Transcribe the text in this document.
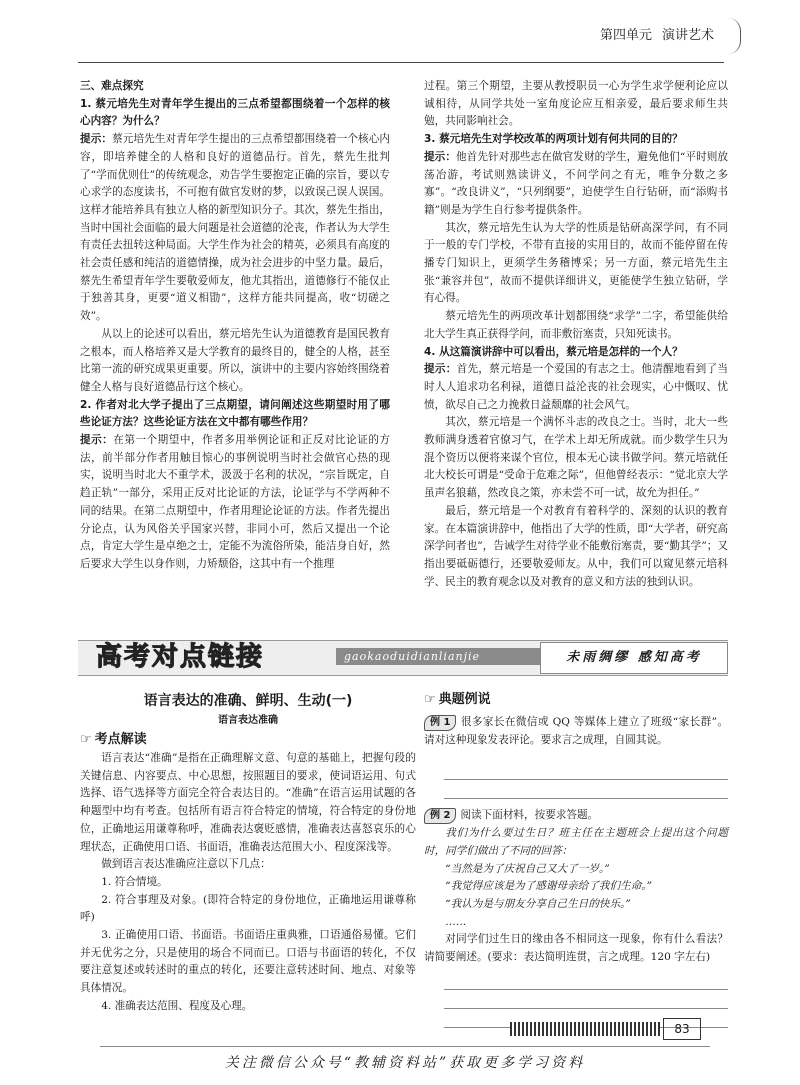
第四单元 演讲艺术

三、难点探究

1. 蔡元培先生对青年学生提出的三点希望都围绕着一个怎样的核心内容？为什么？

提示：蔡元培先生对青年学生提出的三点希望都围绕着一个核心内容，即培养健全的人格和良好的道德品行。首先，蔡先生批判了“学而优则仕”的传统观念，劝告学生要抱定正确的宗旨，要以专心求学的态度读书，不可抱有做官发财的梦，以致误己误人误国。这样才能培养具有独立人格的新型知识分子。其次，蔡先生指出，当时中国社会面临的最大问题是社会道德的沦丧，作者认为大学生有责任去扭转这种局面。大学生作为社会的精英，必须具有高度的社会责任感和纯洁的道德情操，成为社会进步的中坚力量。最后，蔡先生希望青年学生要敬爱师友，他尤其指出，道德修行不能仅止于独善其身，更要“道义相勖”，这样方能共同提高，收“切磋之效”。

从以上的论述可以看出，蔡元培先生认为道德教育是国民教育之根本，而人格培养又是大学教育的最终目的，健全的人格，甚至比第一流的研究成果更重要。所以，演讲中的主要内容始终围绕着健全人格与良好道德品行这个核心。

2. 作者对北大学子提出了三点期望，请问阐述这些期望时用了哪些论证方法？这些论证方法在文中都有哪些作用？

提示：在第一个期望中，作者多用举例论证和正反对比论证的方法，前半部分作者用触目惊心的事例说明当时社会做官心热的现实，说明当时北大不重学术，汲汲于名利的状况，“宗旨既定，自趋正轨”一部分，采用正反对比论证的方法，论证学与不学两种不同的结果。在第二点期望中，作者用理论论证的方法。作者先提出分论点，认为风俗关乎国家兴替，非同小可，然后又提出一个论点，肯定大学生是卓绝之士，定能不为流俗所染，能洁身自好，然后要求大学生以身作则，力矫颓俗，这其中有一个推理

过程。第三个期望，主要从教授职员一心为学生求学便利论应以诚相待，从同学共处一室角度论应互相亲爱，最后要求师生共勉，共同影响社会。

3. 蔡元培先生对学校改革的两项计划有何共同的目的？

提示：他首先针对那些志在做官发财的学生，避免他们“平时则放荡冶游，考试则熟读讲义，不问学问之有无，唯争分数之多寡”。“改良讲义”，“只列纲要”，迫使学生自行钻研，而“添购书籍”则是为学生自行参考提供条件。

其次，蔡元培先生认为大学的性质是钻研高深学问，有不同于一般的专门学校，不带有直接的实用目的，故而不能停留在传播专门知识上，更须学生务稽博采；另一方面，蔡元培先生主张“兼容并包”，故而不提供详细讲义，更能使学生独立钻研，学有心得。

蔡元培先生的两项改革计划都围绕“求学”二字，希望能供给北大学生真正获得学问，而非敷衍塞责，只知死读书。

4. 从这篇演讲辞中可以看出，蔡元培是怎样的一个人？

提示：首先，蔡元培是一个爱国的有志之士。他清醒地看到了当时人人追求功名利禄，道德日益沦丧的社会现实，心中慨叹、忧愤，欲尽自己之力挽救日益颓靡的社会风气。

其次，蔡元培是一个满怀斗志的改良之士。当时，北大一些教师满身透着官僚习气，在学术上却无所成就。而少数学生只为混个资历以便将来谋个官位，根本无心读书做学问。蔡元培就任北大校长可谓是“受命于危难之际”，但他曾经表示：“觉北京大学虽声名狼藉，然改良之策，亦未尝不可一试，故允为担任。”

最后，蔡元培是一个对教育有着科学的、深刻的认识的教育家。在本篇演讲辞中，他指出了大学的性质，即“大学者，研究高深学问者也”，告诫学生对待学业不能敷衍塞责，要“勤其学”；又指出要砥砺德行，还要敬爱师友。从中，我们可以窥见蔡元培科学、民主的教育观念以及对教育的意义和方法的独到认识。

高考对点链接	gaokaoduidianlianjie	未雨绸缪 感知高考

语言表达的准确、鲜明、生动(一)

语言表达准确

☞ 考点解读

语言表达“准确”是指在正确理解文意、句意的基础上，把握句段的关键信息、内容要点、中心思想，按照题目的要求，使词语运用、句式选择、语气选择等方面完全符合表达目的。“准确”在语言运用试题的各种题型中均有考查。包括所有语言符合特定的情境，符合特定的身份地位，正确地运用谦尊称呼，准确表达褒贬感情，准确表达喜怒哀乐的心理状态，正确使用口语、书面语，准确表达范围大小、程度深浅等。

做到语言表达准确应注意以下几点：

1. 符合情境。

2. 符合事理及对象。(即符合特定的身份地位，正确地运用谦尊称呼)

3. 正确使用口语、书面语。书面语庄重典雅，口语通俗易懂。它们并无优劣之分，只是使用的场合不同而已。口语与书面语的转化，不仅要注意复述或转述时的重点的转化，还要注意转述时间、地点、对象等具体情况。

4. 准确表达范围、程度及心理。

☞ 典题例说

例 1 很多家长在微信或 QQ 等媒体上建立了班级“家长群”。请对这种现象发表评论。要求言之成理，自圆其说。

例 2 阅读下面材料，按要求答题。

我们为什么要过生日？班主任在主题班会上提出这个问题时，同学们做出了不同的回答：

“当然是为了庆祝自己又大了一岁。”

“我觉得应该是为了感谢母亲给了我们生命。”

“我认为是与朋友分享自己生日的快乐。”

……

对同学们过生日的缘由各不相同这一现象，你有什么看法？请简要阐述。(要求：表达简明连贯，言之成理。120 字左右)

83
关注微信公众号“教辅资料站”获取更多学习资料
